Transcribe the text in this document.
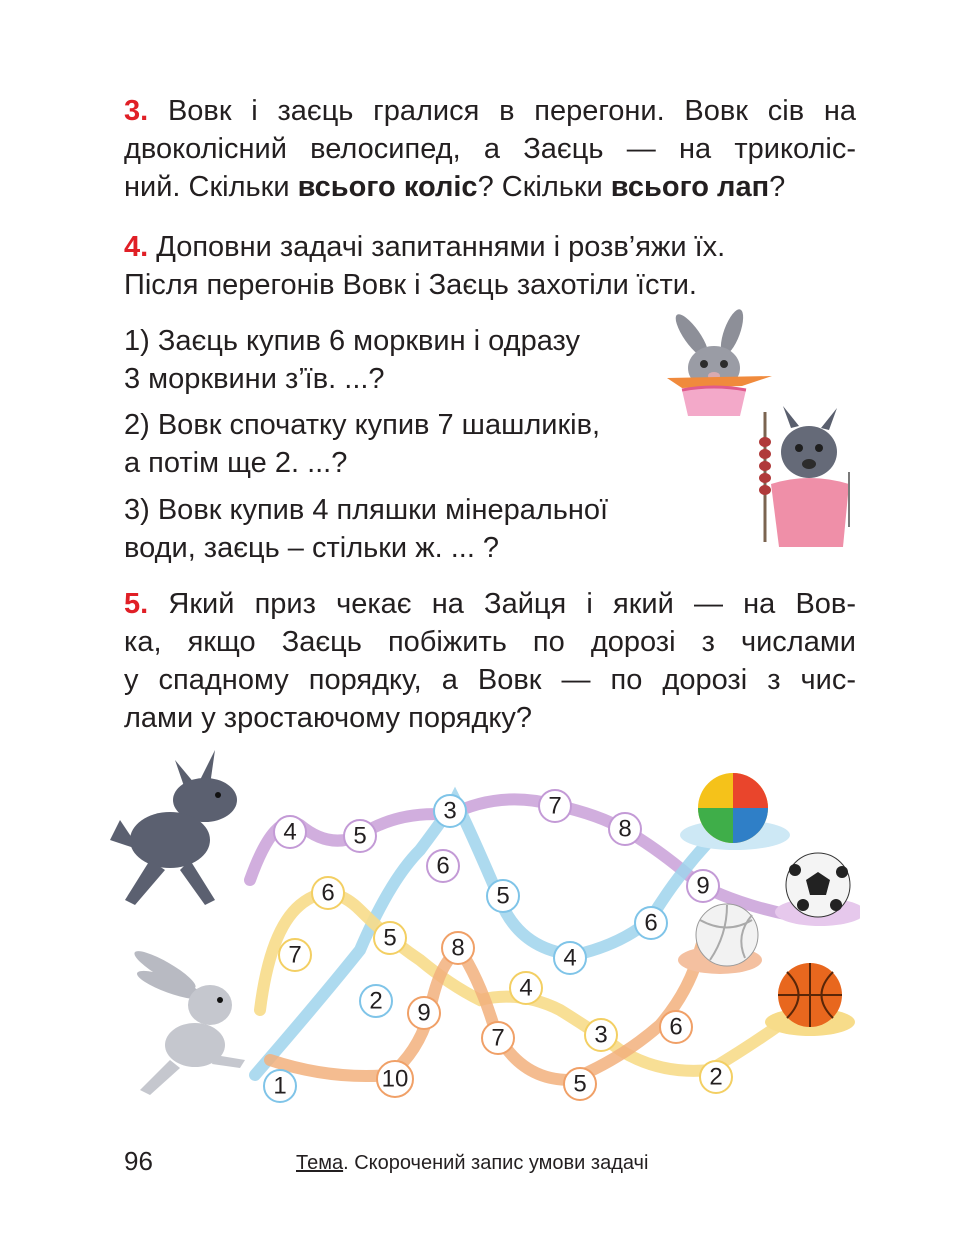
3. Вовк і заєць гралися в перегони. Вовк сів на
двоколісний велосипед, а Заєць — на триколіс-
ний. Скільки всього коліс? Скільки всього лап?
4. Доповни задачі запитаннями і розв’яжи їх.
Після перегонів Вовк і Заєць захотіли їсти.
1) Заєць купив 6 морквин і одразу
3 морквини з’їв. ...?
2) Вовк спочатку купив 7 шашликів,
а потім ще 2. ...?
3) Вовк купив 4 пляшки мінеральної
води, заєць – стільки ж. ... ?
5. Який приз чекає на Зайця і який — на Вов-
ка, якщо Заєць побіжить по дорозі з числами
у спадному порядку, а Вовк — по дорозі з чис-
лами у зростаючому порядку?
4 5
3	7
8
6
6	5	9
6
5 8	4
4
7
2 9
7	3	6
1	10	5	2
96	Тема. Скорочений запис умови задачі
